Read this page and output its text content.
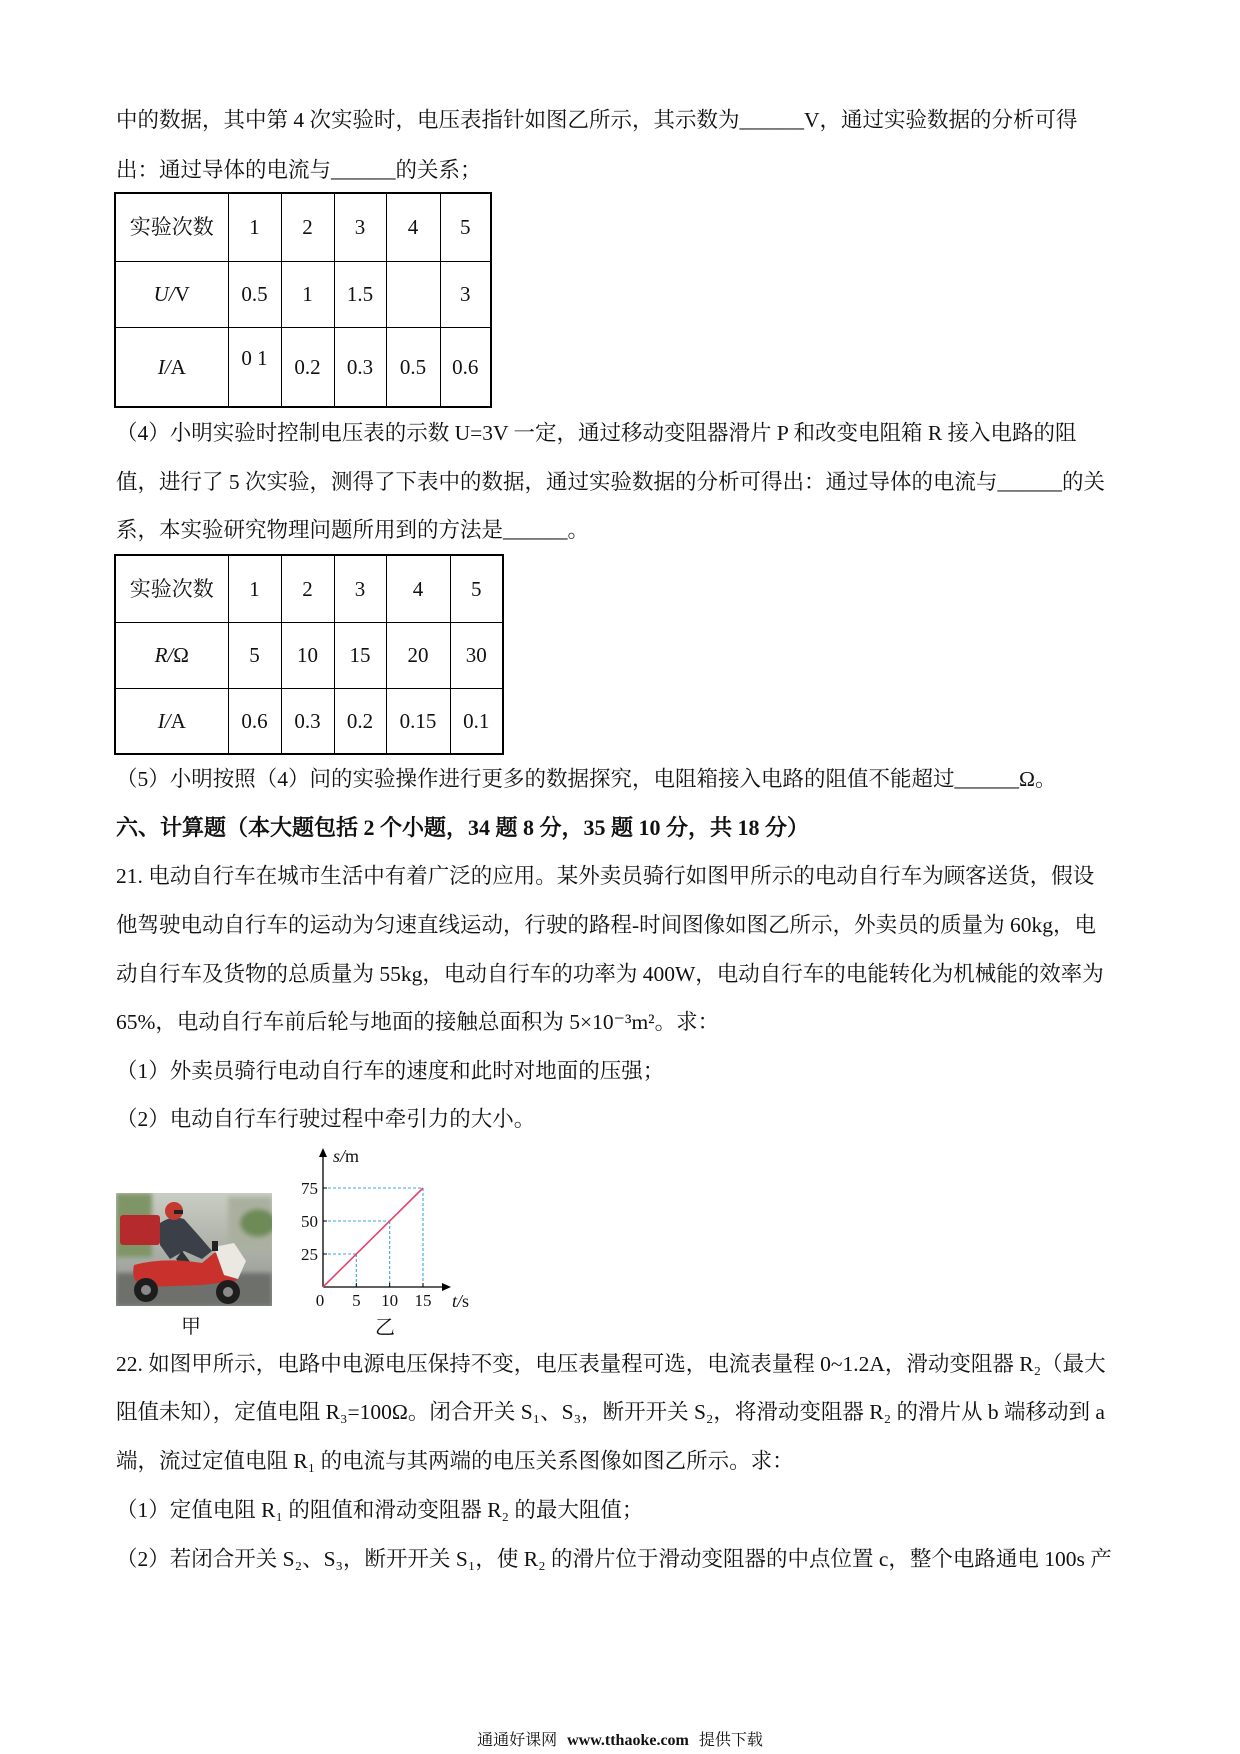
中的数据，其中第 4 次实验时，电压表指针如图乙所示，其示数为______V，通过实验数据的分析可得
出：通过导体的电流与______的关系；
实验次数	1	2	3	4	5
U/V	0.5	1	1.5		3
I/A	0 1	0.2	0.3	0.5	0.6
（4）小明实验时控制电压表的示数 U=3V 一定，通过移动变阻器滑片 P 和改变电阻箱 R 接入电路的阻
值，进行了 5 次实验，测得了下表中的数据，通过实验数据的分析可得出：通过导体的电流与______的关
系，本实验研究物理问题所用到的方法是______。
实验次数	1	2	3	4	5
R/Ω	5	10	15	20	30
I/A	0.6	0.3	0.2	0.15	0.1
（5）小明按照（4）问的实验操作进行更多的数据探究，电阻箱接入电路的阻值不能超过______Ω。
六、计算题（本大题包括 2 个小题，34 题 8 分，35 题 10 分，共 18 分）
21. 电动自行车在城市生活中有着广泛的应用。某外卖员骑行如图甲所示的电动自行车为顾客送货，假设
他驾驶电动自行车的运动为匀速直线运动，行驶的路程-时间图像如图乙所示，外卖员的质量为 60kg，电
动自行车及货物的总质量为 55kg，电动自行车的功率为 400W，电动自行车的电能转化为机械能的效率为
65%，电动自行车前后轮与地面的接触总面积为 5×10⁻³m²。求：
（1）外卖员骑行电动自行车的速度和此时对地面的压强；
（2）电动自行车行驶过程中牵引力的大小。
甲
0 5 10 15
25
50
75
s/m
t/s
乙
22. 如图甲所示，电路中电源电压保持不变，电压表量程可选，电流表量程 0~1.2A，滑动变阻器 R₂（最大
阻值未知），定值电阻 R₃=100Ω。闭合开关 S₁、S₃，断开开关 S₂，将滑动变阻器 R₂ 的滑片从 b 端移动到 a
端，流过定值电阻 R₁ 的电流与其两端的电压关系图像如图乙所示。求：
（1）定值电阻 R₁ 的阻值和滑动变阻器 R₂ 的最大阻值；
（2）若闭合开关 S₂、S₃，断开开关 S₁，使 R₂ 的滑片位于滑动变阻器的中点位置 c，整个电路通电 100s 产
通通好课网 www.tthaoke.com 提供下载
